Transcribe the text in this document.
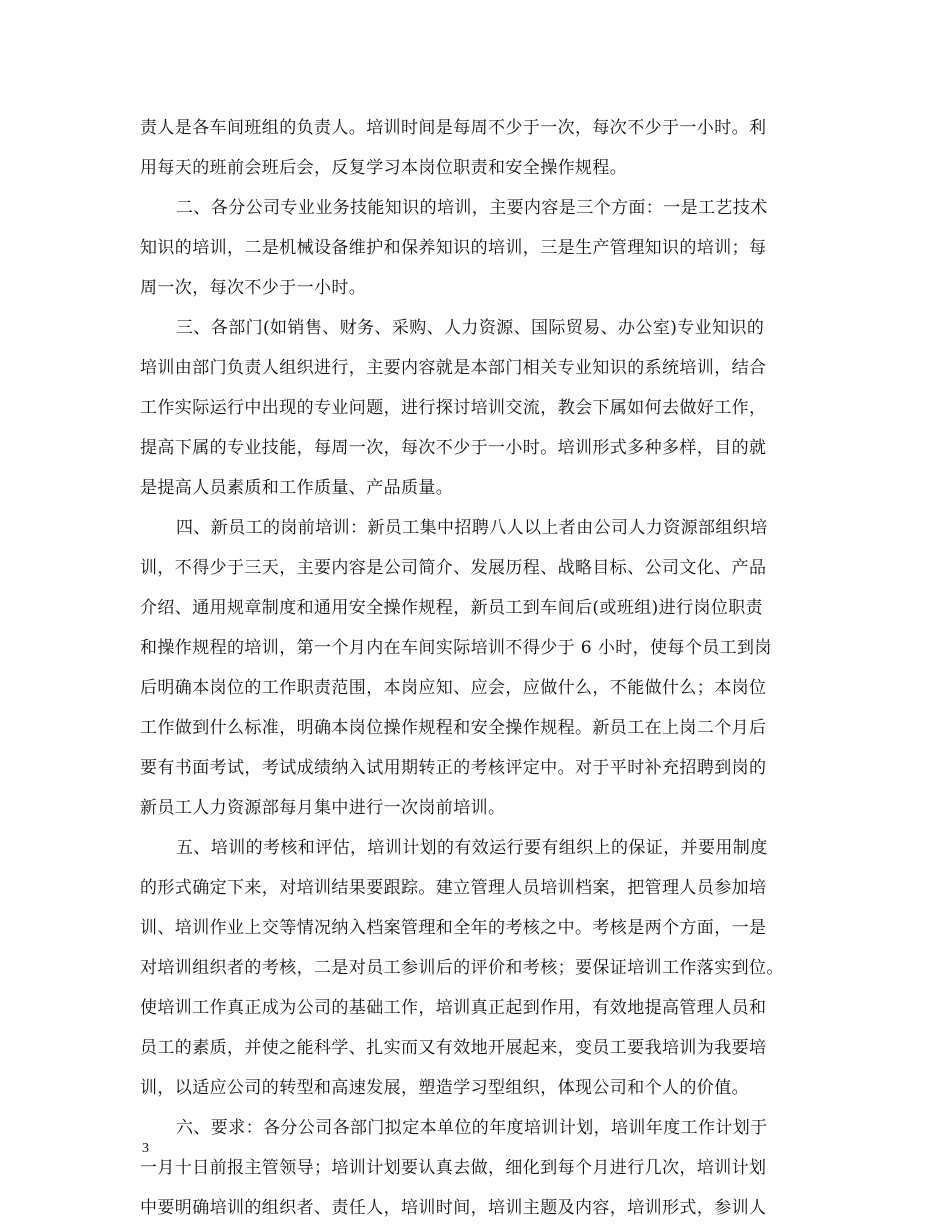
责人是各车间班组的负责人。培训时间是每周不少于一次，每次不少于一小时。利
用每天的班前会班后会，反复学习本岗位职责和安全操作规程。
二、各分公司专业业务技能知识的培训，主要内容是三个方面：一是工艺技术
知识的培训，二是机械设备维护和保养知识的培训，三是生产管理知识的培训；每
周一次，每次不少于一小时。
三、各部门(如销售、财务、采购、人力资源、国际贸易、办公室)专业知识的
培训由部门负责人组织进行，主要内容就是本部门相关专业知识的系统培训，结合
工作实际运行中出现的专业问题，进行探讨培训交流，教会下属如何去做好工作，
提高下属的专业技能，每周一次，每次不少于一小时。培训形式多种多样，目的就
是提高人员素质和工作质量、产品质量。
四、新员工的岗前培训：新员工集中招聘八人以上者由公司人力资源部组织培
训，不得少于三天，主要内容是公司简介、发展历程、战略目标、公司文化、产品
介绍、通用规章制度和通用安全操作规程，新员工到车间后(或班组)进行岗位职责
和操作规程的培训，第一个月内在车间实际培训不得少于 6 小时，使每个员工到岗
后明确本岗位的工作职责范围，本岗应知、应会，应做什么，不能做什么；本岗位
工作做到什么标准，明确本岗位操作规程和安全操作规程。新员工在上岗二个月后
要有书面考试，考试成绩纳入试用期转正的考核评定中。对于平时补充招聘到岗的
新员工人力资源部每月集中进行一次岗前培训。
五、培训的考核和评估，培训计划的有效运行要有组织上的保证，并要用制度
的形式确定下来，对培训结果要跟踪。建立管理人员培训档案，把管理人员参加培
训、培训作业上交等情况纳入档案管理和全年的考核之中。考核是两个方面，一是
对培训组织者的考核，二是对员工参训后的评价和考核；要保证培训工作落实到位。
使培训工作真正成为公司的基础工作，培训真正起到作用，有效地提高管理人员和
员工的素质，并使之能科学、扎实而又有效地开展起来，变员工要我培训为我要培
训，以适应公司的转型和高速发展，塑造学习型组织，体现公司和个人的价值。
六、要求：各分公司各部门拟定本单位的年度培训计划，培训年度工作计划于
一月十日前报主管领导；培训计划要认真去做，细化到每个月进行几次，培训计划
中要明确培训的组织者、责任人，培训时间，培训主题及内容，培训形式，参训人
3
